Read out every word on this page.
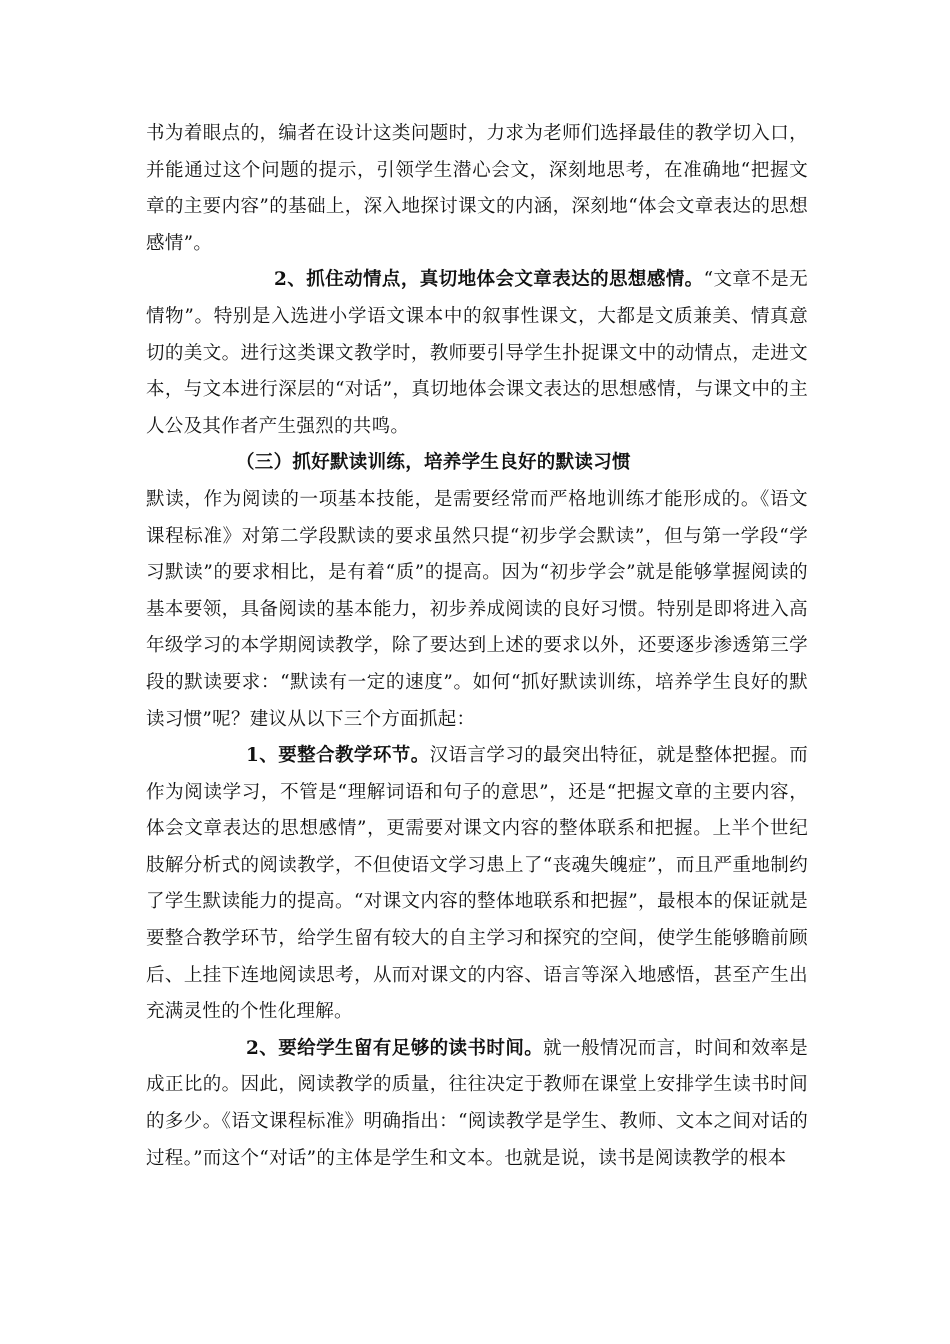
书为着眼点的，编者在设计这类问题时，力求为老师们选择最佳的教学切入口，并能通过这个问题的提示，引领学生潜心会文，深刻地思考，在准确地“把握文章的主要内容”的基础上，深入地探讨课文的内涵，深刻地“体会文章表达的思想感情”。

2、抓住动情点，真切地体会文章表达的思想感情。“文章不是无情物”。特别是入选进小学语文课本中的叙事性课文，大都是文质兼美、情真意切的美文。进行这类课文教学时，教师要引导学生扑捉课文中的动情点，走进文本，与文本进行深层的“对话”，真切地体会课文表达的思想感情，与课文中的主人公及其作者产生强烈的共鸣。

（三）抓好默读训练，培养学生良好的默读习惯

默读，作为阅读的一项基本技能，是需要经常而严格地训练才能形成的。《语文课程标准》对第二学段默读的要求虽然只提“初步学会默读”，但与第一学段“学习默读”的要求相比，是有着“质”的提高。因为“初步学会”就是能够掌握阅读的基本要领，具备阅读的基本能力，初步养成阅读的良好习惯。特别是即将进入高年级学习的本学期阅读教学，除了要达到上述的要求以外，还要逐步渗透第三学段的默读要求：“默读有一定的速度”。如何“抓好默读训练，培养学生良好的默读习惯”呢？建议从以下三个方面抓起：

1、要整合教学环节。汉语言学习的最突出特征，就是整体把握。而作为阅读学习，不管是“理解词语和句子的意思”，还是“把握文章的主要内容，体会文章表达的思想感情”，更需要对课文内容的整体联系和把握。上半个世纪肢解分析式的阅读教学，不但使语文学习患上了“丧魂失魄症”，而且严重地制约了学生默读能力的提高。“对课文内容的整体地联系和把握”，最根本的保证就是要整合教学环节，给学生留有较大的自主学习和探究的空间，使学生能够瞻前顾后、上挂下连地阅读思考，从而对课文的内容、语言等深入地感悟，甚至产生出充满灵性的个性化理解。

2、要给学生留有足够的读书时间。就一般情况而言，时间和效率是成正比的。因此，阅读教学的质量，往往决定于教师在课堂上安排学生读书时间的多少。《语文课程标准》明确指出：“阅读教学是学生、教师、文本之间对话的过程。”而这个“对话”的主体是学生和文本。也就是说，读书是阅读教学的根本
